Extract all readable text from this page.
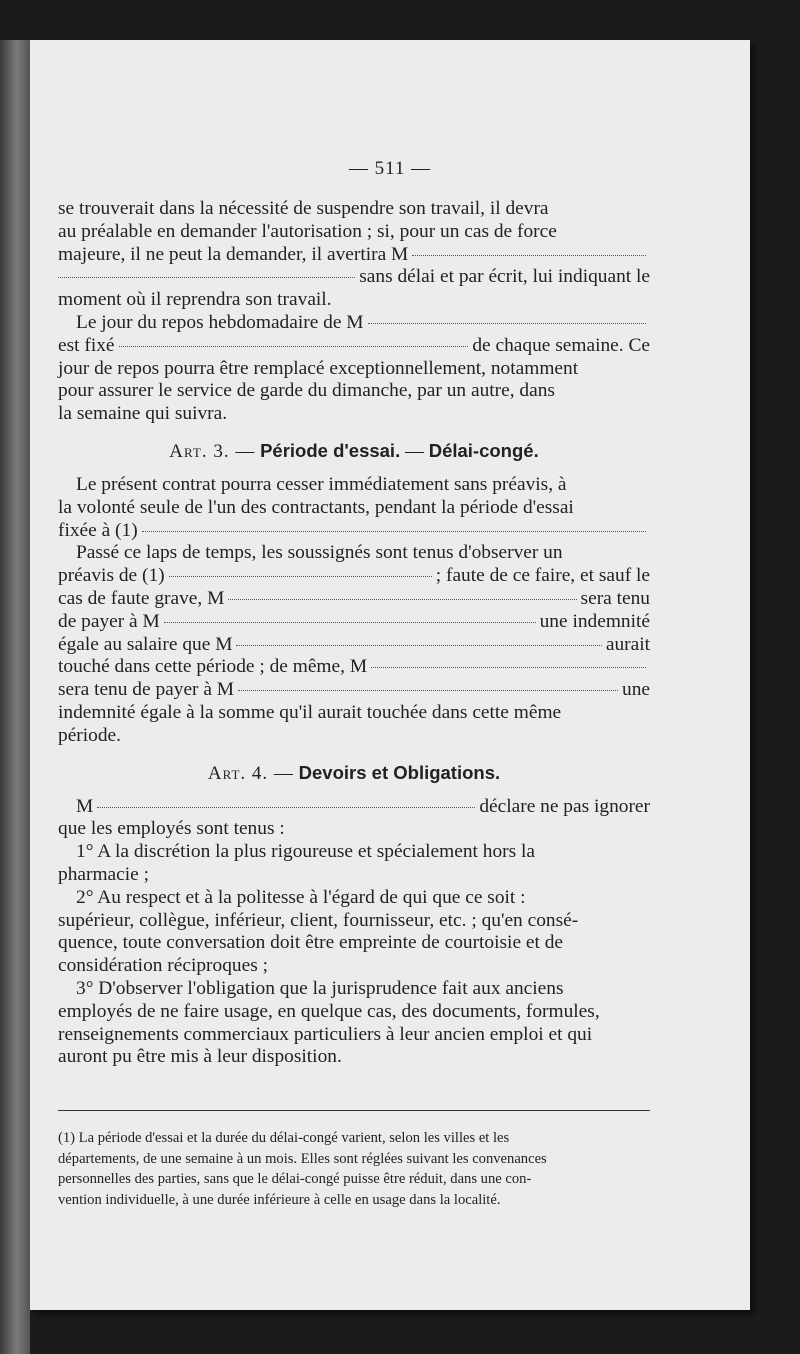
— 511 —
se trouverait dans la nécessité de suspendre son travail, il devra
au préalable en demander l'autorisation ; si, pour un cas de force
majeure, il ne peut la demander, il avertira M
sans délai et par écrit, lui indiquant le
moment où il reprendra son travail.
Le jour du repos hebdomadaire de M
est fixé	de chaque semaine. Ce
jour de repos pourra être remplacé exceptionnellement, notamment
pour assurer le service de garde du dimanche, par un autre, dans
la semaine qui suivra.
Art. 3. — Période d'essai. — Délai-congé.
Le présent contrat pourra cesser immédiatement sans préavis, à
la volonté seule de l'un des contractants, pendant la période d'essai
fixée à (1)
Passé ce laps de temps, les soussignés sont tenus d'observer un
préavis de (1)	; faute de ce faire, et sauf le
cas de faute grave, M	sera tenu
de payer à M	une indemnité
égale au salaire que M	aurait
touché dans cette période ; de même, M
sera tenu de payer à M	une
indemnité égale à la somme qu'il aurait touchée dans cette même
période.
Art. 4. — Devoirs et Obligations.
M	déclare ne pas ignorer
que les employés sont tenus :
1° A la discrétion la plus rigoureuse et spécialement hors la
pharmacie ;
2° Au respect et à la politesse à l'égard de qui que ce soit :
supérieur, collègue, inférieur, client, fournisseur, etc. ; qu'en consé-
quence, toute conversation doit être empreinte de courtoisie et de
considération réciproques ;
3° D'observer l'obligation que la jurisprudence fait aux anciens
employés de ne faire usage, en quelque cas, des documents, formules,
renseignements commerciaux particuliers à leur ancien emploi et qui
auront pu être mis à leur disposition.
(1) La période d'essai et la durée du délai-congé varient, selon les villes et les
départements, de une semaine à un mois. Elles sont réglées suivant les convenances
personnelles des parties, sans que le délai-congé puisse être réduit, dans une con-
vention individuelle, à une durée inférieure à celle en usage dans la localité.
